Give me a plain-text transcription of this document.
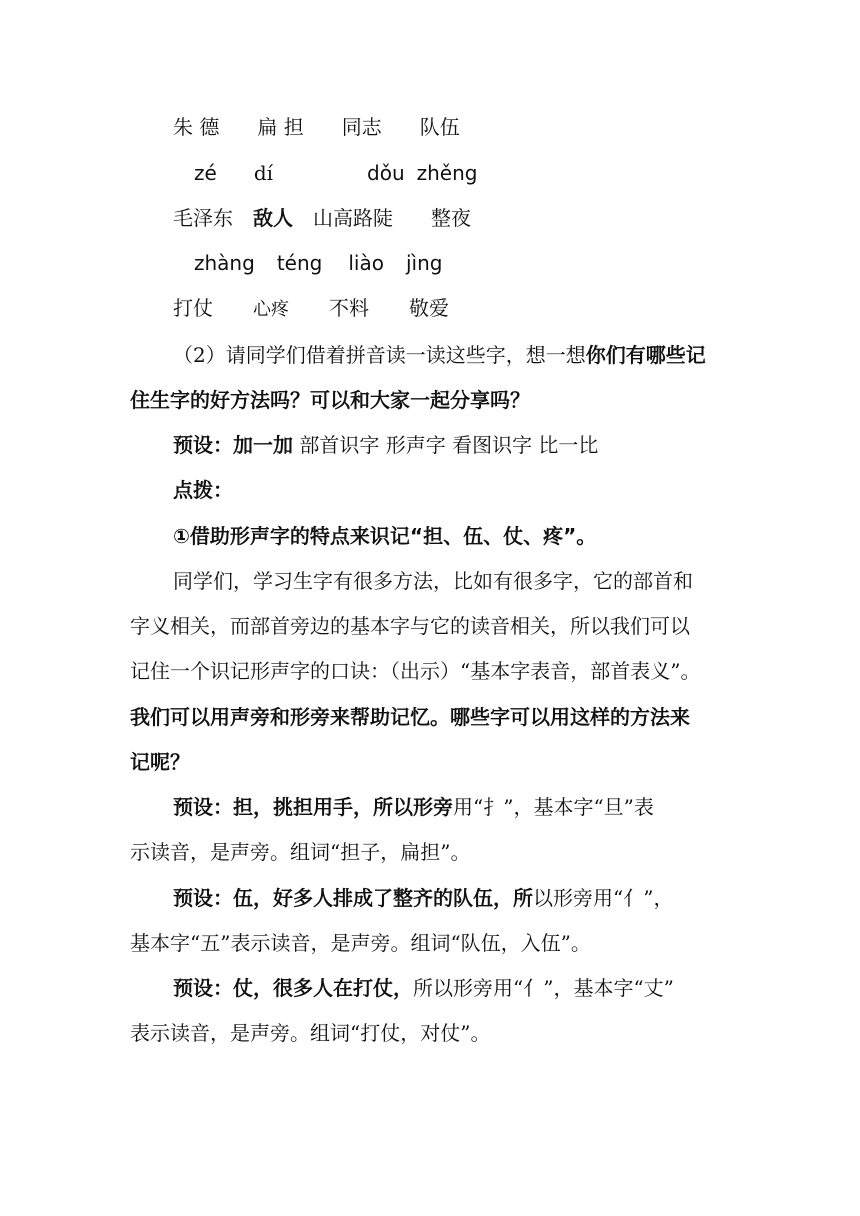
朱 德 扁 担 同志 队伍
zé dí	dǒu zhěng
毛泽东 敌人 山高路陡 整夜
zhàng téng liào jìng
打仗 心疼 不料 敬爱
（2）请同学们借着拼音读一读这些字，想一想你们有哪些记
住生字的好方法吗？可以和大家一起分享吗？
预设：加一加 部首识字 形声字 看图识字 比一比
点拨：
①借助形声字的特点来识记“担、伍、仗、疼”。
同学们，学习生字有很多方法，比如有很多字，它的部首和
字义相关，而部首旁边的基本字与它的读音相关，所以我们可以
记住一个识记形声字的口诀：（出示）“基本字表音，部首表义”。
我们可以用声旁和形旁来帮助记忆。哪些字可以用这样的方法来
记呢？
预设：担，挑担用手，所以形旁用“扌”，基本字“旦”表
示读音，是声旁。组词“担子，扁担”。
预设：伍，好多人排成了整齐的队伍，所以形旁用“亻”，
基本字“五”表示读音，是声旁。组词“队伍，入伍”。
预设：仗，很多人在打仗，所以形旁用“亻”，基本字“丈”
表示读音，是声旁。组词“打仗，对仗”。
